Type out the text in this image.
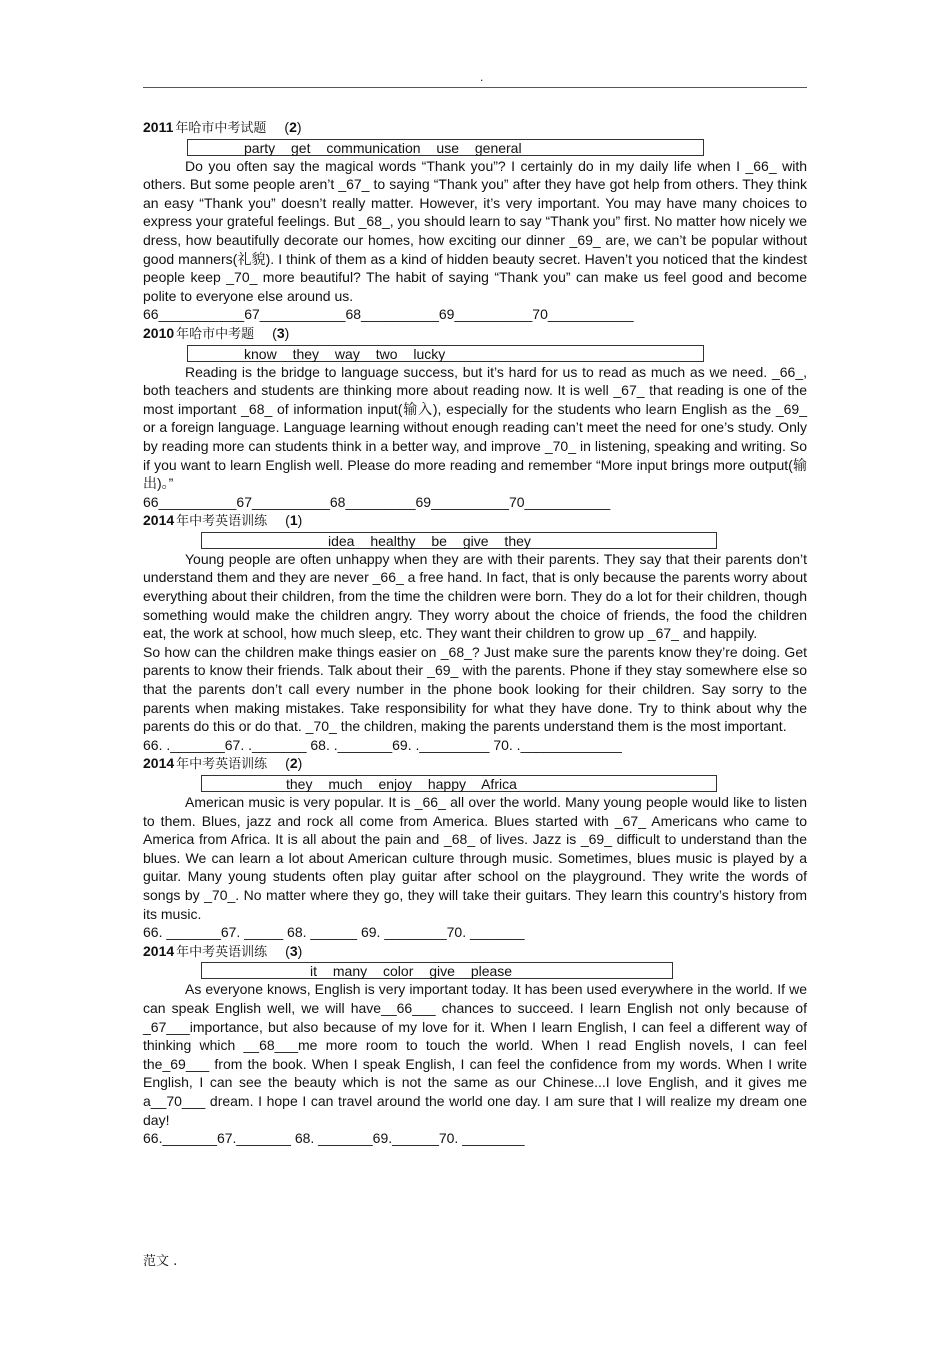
.
2011 年哈市中考试题 (2)
party get communication use general

Do you often say the magical words “Thank you”? I certainly do in my daily life when I _66_ with others. But some people aren’t _67_ to saying “Thank you” after they have got help from others. They think an easy “Thank you” doesn’t really matter. However, it’s very important. You may have many choices to express your grateful feelings. But _68_, you should learn to say “Thank you” first. No matter how nicely we dress, how beautifully decorate our homes, how exciting our dinner _69_ are, we can’t be popular without good manners(礼貌). I think of them as a kind of hidden beauty secret. Haven’t you noticed that the kindest people keep _70_ more beautiful? The habit of saying “Thank you” can make us feel good and become polite to everyone else around us.

66___________67___________68__________69__________70___________
2010 年哈市中考题 (3)
know they way two lucky

Reading is the bridge to language success, but it’s hard for us to read as much as we need. _66_, both teachers and students are thinking more about reading now. It is well _67_ that reading is one of the most important _68_ of information input(输入), especially for the students who learn English as the _69_ or a foreign language. Language learning without enough reading can’t meet the need for one’s study. Only by reading more can students think in a better way, and improve _70_ in listening, speaking and writing. So if you want to learn English well. Please do more reading and remember “More input brings more output(输出)。”

66__________67__________68_________69__________70___________
2014 年中考英语训练 (1)
idea healthy be give they

Young people are often unhappy when they are with their parents. They say that their parents don’t understand them and they are never _66_ a free hand. In fact, that is only because the parents worry about everything about their children, from the time the children were born. They do a lot for their children, though something would make the children angry. They worry about the choice of friends, the food the children eat, the work at school, how much sleep, etc. They want their children to grow up _67_ and happily.

So how can the children make things easier on _68_? Just make sure the parents know they’re doing. Get parents to know their friends. Talk about their _69_ with the parents. Phone if they stay somewhere else so that the parents don’t call every number in the phone book looking for their children. Say sorry to the parents when making mistakes. Take responsibility for what they have done. Try to think about why the parents do this or do that. _70_ the children, making the parents understand them is the most important.

66. ._______67. ._______ 68. ._______69. ._________ 70. ._____________
2014 年中考英语训练 (2)
they much enjoy happy Africa

American music is very popular. It is _66_ all over the world. Many young people would like to listen to them. Blues, jazz and rock all come from America. Blues started with _67_ Americans who came to America from Africa. It is all about the pain and _68_ of lives. Jazz is _69_ difficult to understand than the blues. We can learn a lot about American culture through music. Sometimes, blues music is played by a guitar. Many young students often play guitar after school on the playground. They write the words of songs by _70_. No matter where they go, they will take their guitars. They learn this country’s history from its music.

66. _______67. _____ 68. ______ 69. ________70. _______
2014 年中考英语训练 (3)
it many color give please

As everyone knows, English is very important today. It has been used everywhere in the world. If we can speak English well, we will have__66___ chances to succeed. I learn English not only because of _67___importance, but also because of my love for it. When I learn English, I can feel a different way of thinking which __68___me more room to touch the world. When I read English novels, I can feel the_69___ from the book. When I speak English, I can feel the confidence from my words. When I write English, I can see the beauty which is not the same as our Chinese...I love English, and it gives me a__70___ dream. I hope I can travel around the world one day. I am sure that I will realize my dream one day!

66._______67._______ 68. _______69.______70. ________
范文 .
